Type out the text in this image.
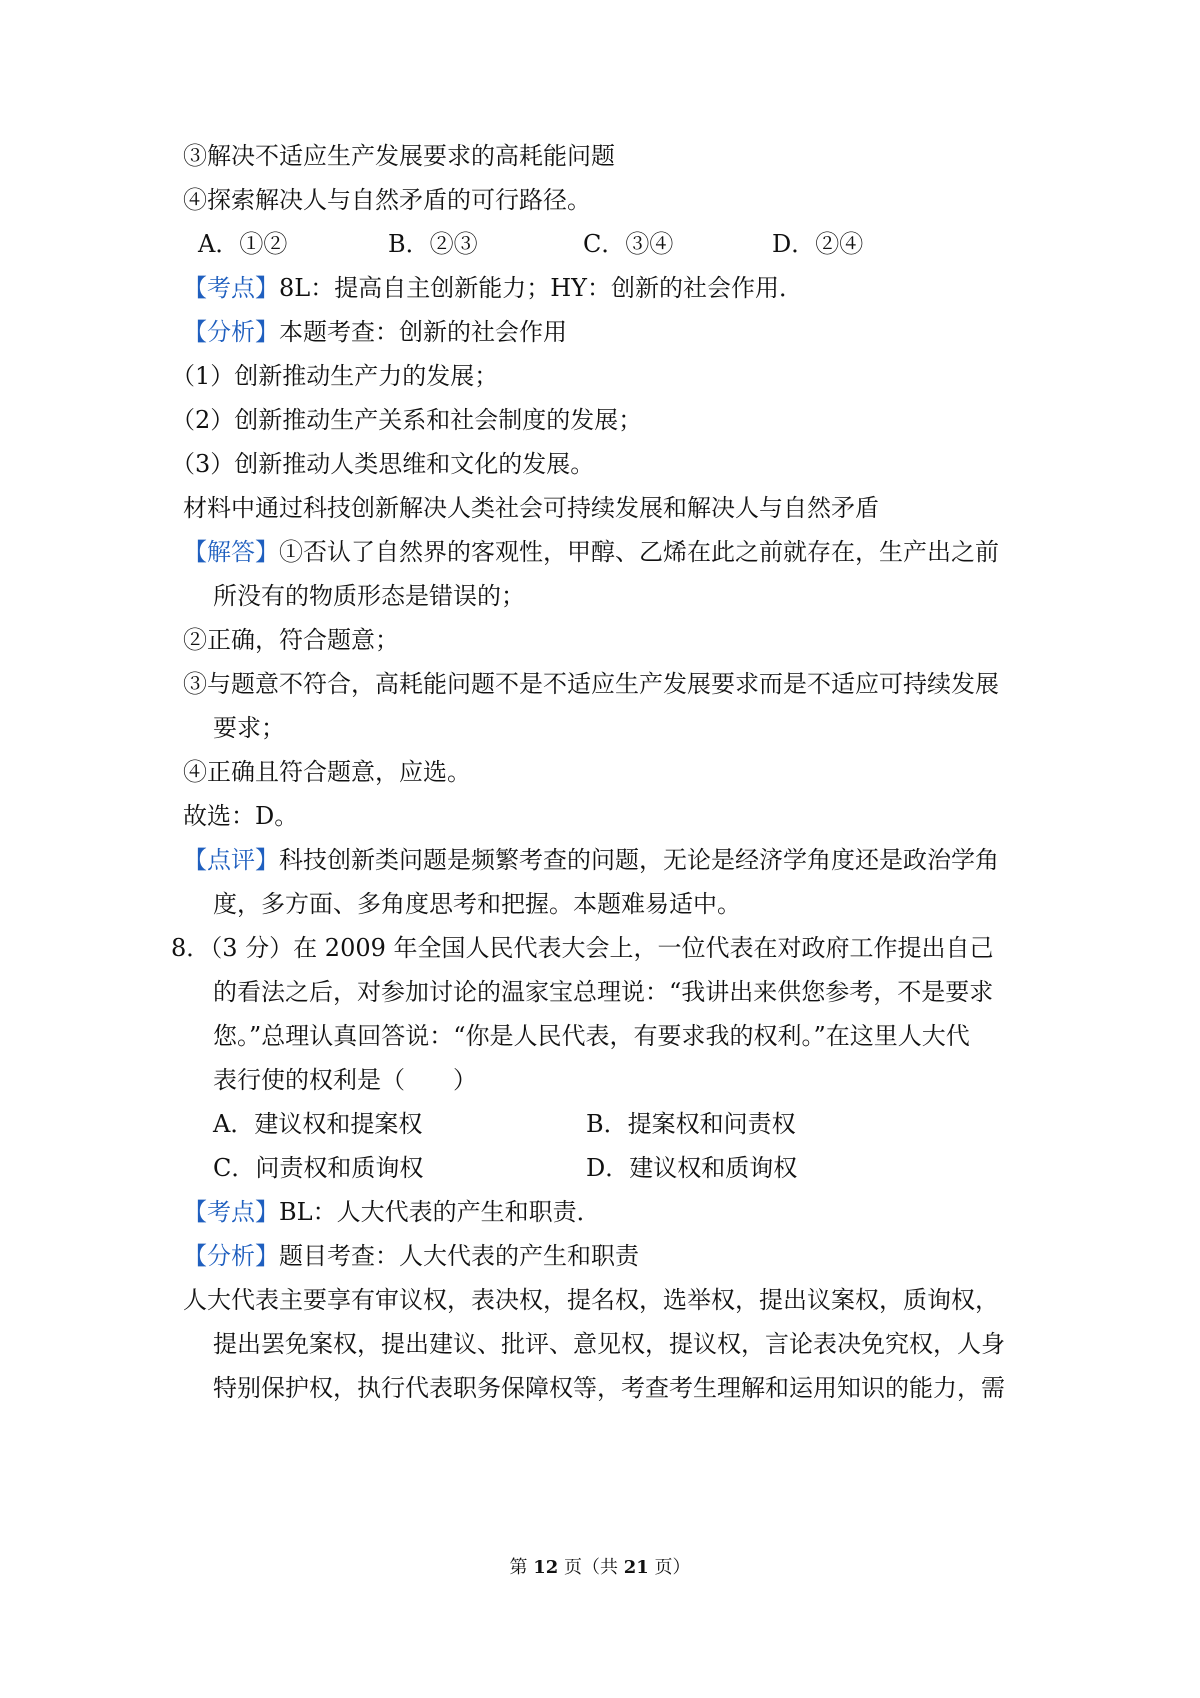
③解决不适应生产发展要求的高耗能问题
④探索解决人与自然矛盾的可行路径。
A．①②	B．②③	C．③④	D．②④
【考点】8L：提高自主创新能力；HY：创新的社会作用．
【分析】本题考查：创新的社会作用
（1）创新推动生产力的发展；
（2）创新推动生产关系和社会制度的发展；
（3）创新推动人类思维和文化的发展。
材料中通过科技创新解决人类社会可持续发展和解决人与自然矛盾
【解答】①否认了自然界的客观性，甲醇、乙烯在此之前就存在，生产出之前
所没有的物质形态是错误的；
②正确，符合题意；
③与题意不符合，高耗能问题不是不适应生产发展要求而是不适应可持续发展
要求；
④正确且符合题意，应选。
故选：D。
【点评】科技创新类问题是频繁考查的问题，无论是经济学角度还是政治学角
度，多方面、多角度思考和把握。本题难易适中。
8．（3 分）在 2009 年全国人民代表大会上，一位代表在对政府工作提出自己
的看法之后，对参加讨论的温家宝总理说：“我讲出来供您参考，不是要求
您。”总理认真回答说：“你是人民代表，有要求我的权利。”在这里人大代
表行使的权利是（　　）
A．建议权和提案权	B．提案权和问责权
C．问责权和质询权	D．建议权和质询权
【考点】BL：人大代表的产生和职责．
【分析】题目考查：人大代表的产生和职责
人大代表主要享有审议权，表决权，提名权，选举权，提出议案权，质询权，
提出罢免案权，提出建议、批评、意见权，提议权，言论表决免究权，人身
特别保护权，执行代表职务保障权等，考查考生理解和运用知识的能力，需
第 12 页（共 21 页）
